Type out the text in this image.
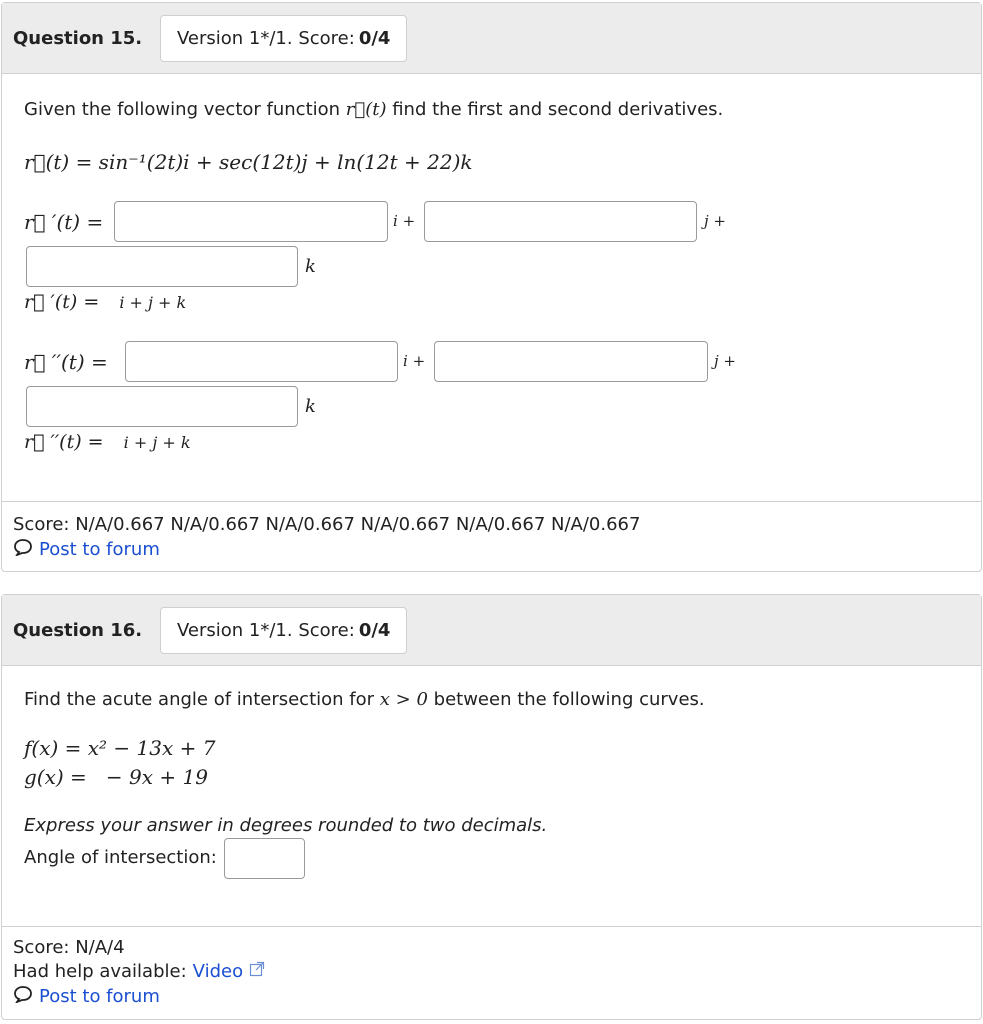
Question 15. Version 1*/1. Score: 0/4
Given the following vector function r⃗(t) find the first and second derivatives.
r⃗(t) = sin⁻¹(2t)i + sec(12t)j + ln(12t + 22)k
r⃗ ′(t) =	i +	j +
k
r⃗ ′(t) = i + j + k
r⃗ ′′(t) =	i +	j +
k
r⃗ ′′(t) = i + j + k
Score: N/A/0.667 N/A/0.667 N/A/0.667 N/A/0.667 N/A/0.667 N/A/0.667
Post to forum
Question 16. Version 1*/1. Score: 0/4
Find the acute angle of intersection for x > 0 between the following curves.
f(x) = x² − 13x + 7
g(x) =   − 9x + 19
Express your answer in degrees rounded to two decimals.
Angle of intersection:
Score: N/A/4
Had help available: Video
Post to forum
